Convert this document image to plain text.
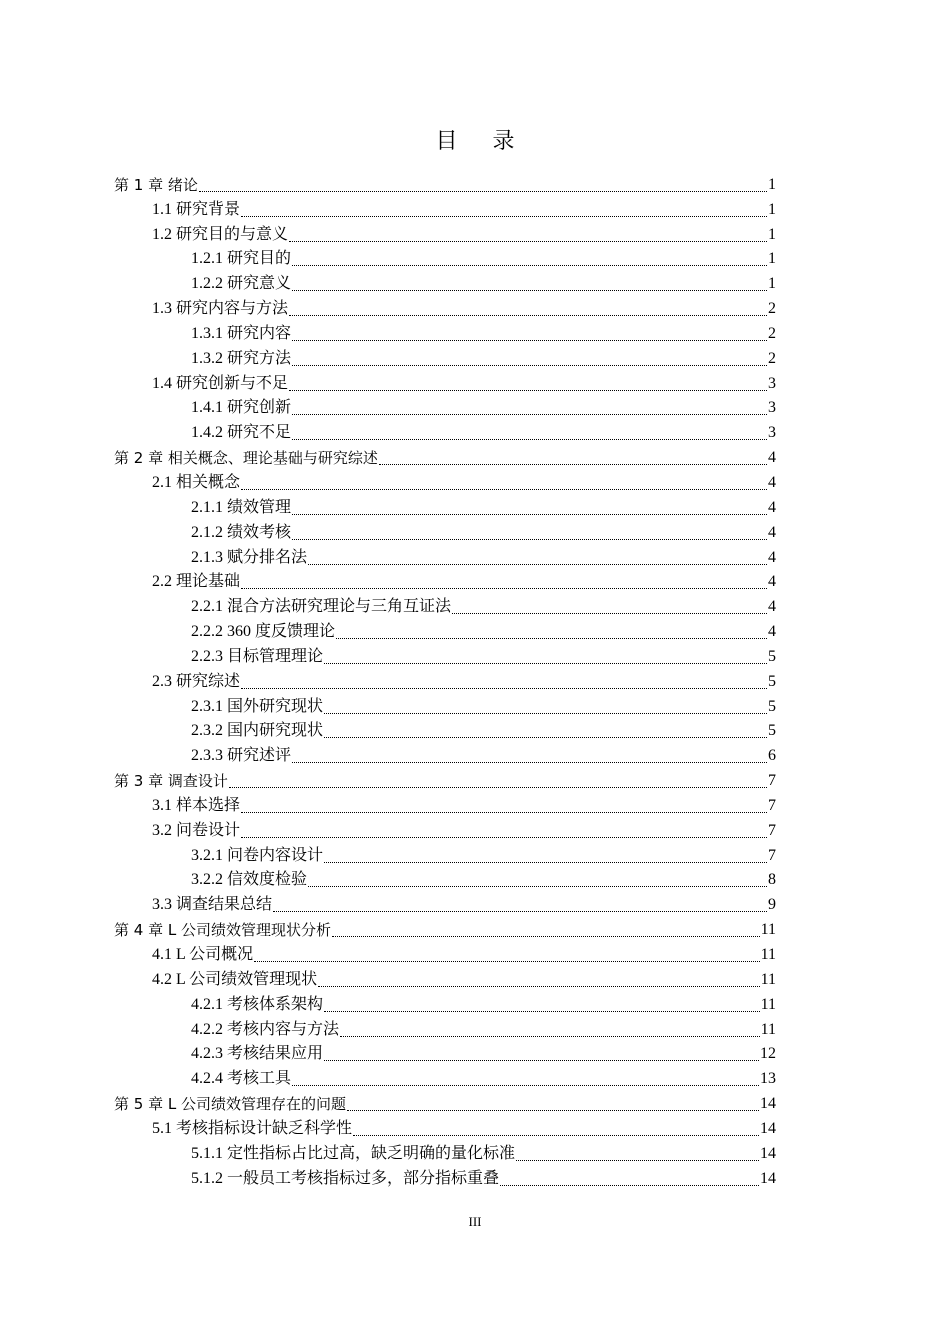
目 录
第 1 章 绪论	1
1.1 研究背景	1
1.2 研究目的与意义	1
1.2.1 研究目的	1
1.2.2 研究意义	1
1.3 研究内容与方法	2
1.3.1 研究内容	2
1.3.2 研究方法	2
1.4 研究创新与不足	3
1.4.1 研究创新	3
1.4.2 研究不足	3
第 2 章 相关概念、理论基础与研究综述	4
2.1 相关概念	4
2.1.1 绩效管理	4
2.1.2 绩效考核	4
2.1.3 赋分排名法	4
2.2 理论基础	4
2.2.1 混合方法研究理论与三角互证法	4
2.2.2 360 度反馈理论	4
2.2.3 目标管理理论	5
2.3 研究综述	5
2.3.1 国外研究现状	5
2.3.2 国内研究现状	5
2.3.3 研究述评	6
第 3 章 调查设计	7
3.1 样本选择	7
3.2 问卷设计	7
3.2.1 问卷内容设计	7
3.2.2 信效度检验	8
3.3 调查结果总结	9
第 4 章 L 公司绩效管理现状分析	11
4.1 L 公司概况	11
4.2 L 公司绩效管理现状	11
4.2.1 考核体系架构	11
4.2.2 考核内容与方法	11
4.2.3 考核结果应用	12
4.2.4 考核工具	13
第 5 章 L 公司绩效管理存在的问题	14
5.1 考核指标设计缺乏科学性	14
5.1.1 定性指标占比过高，缺乏明确的量化标准	14
5.1.2 一般员工考核指标过多，部分指标重叠	14
III
